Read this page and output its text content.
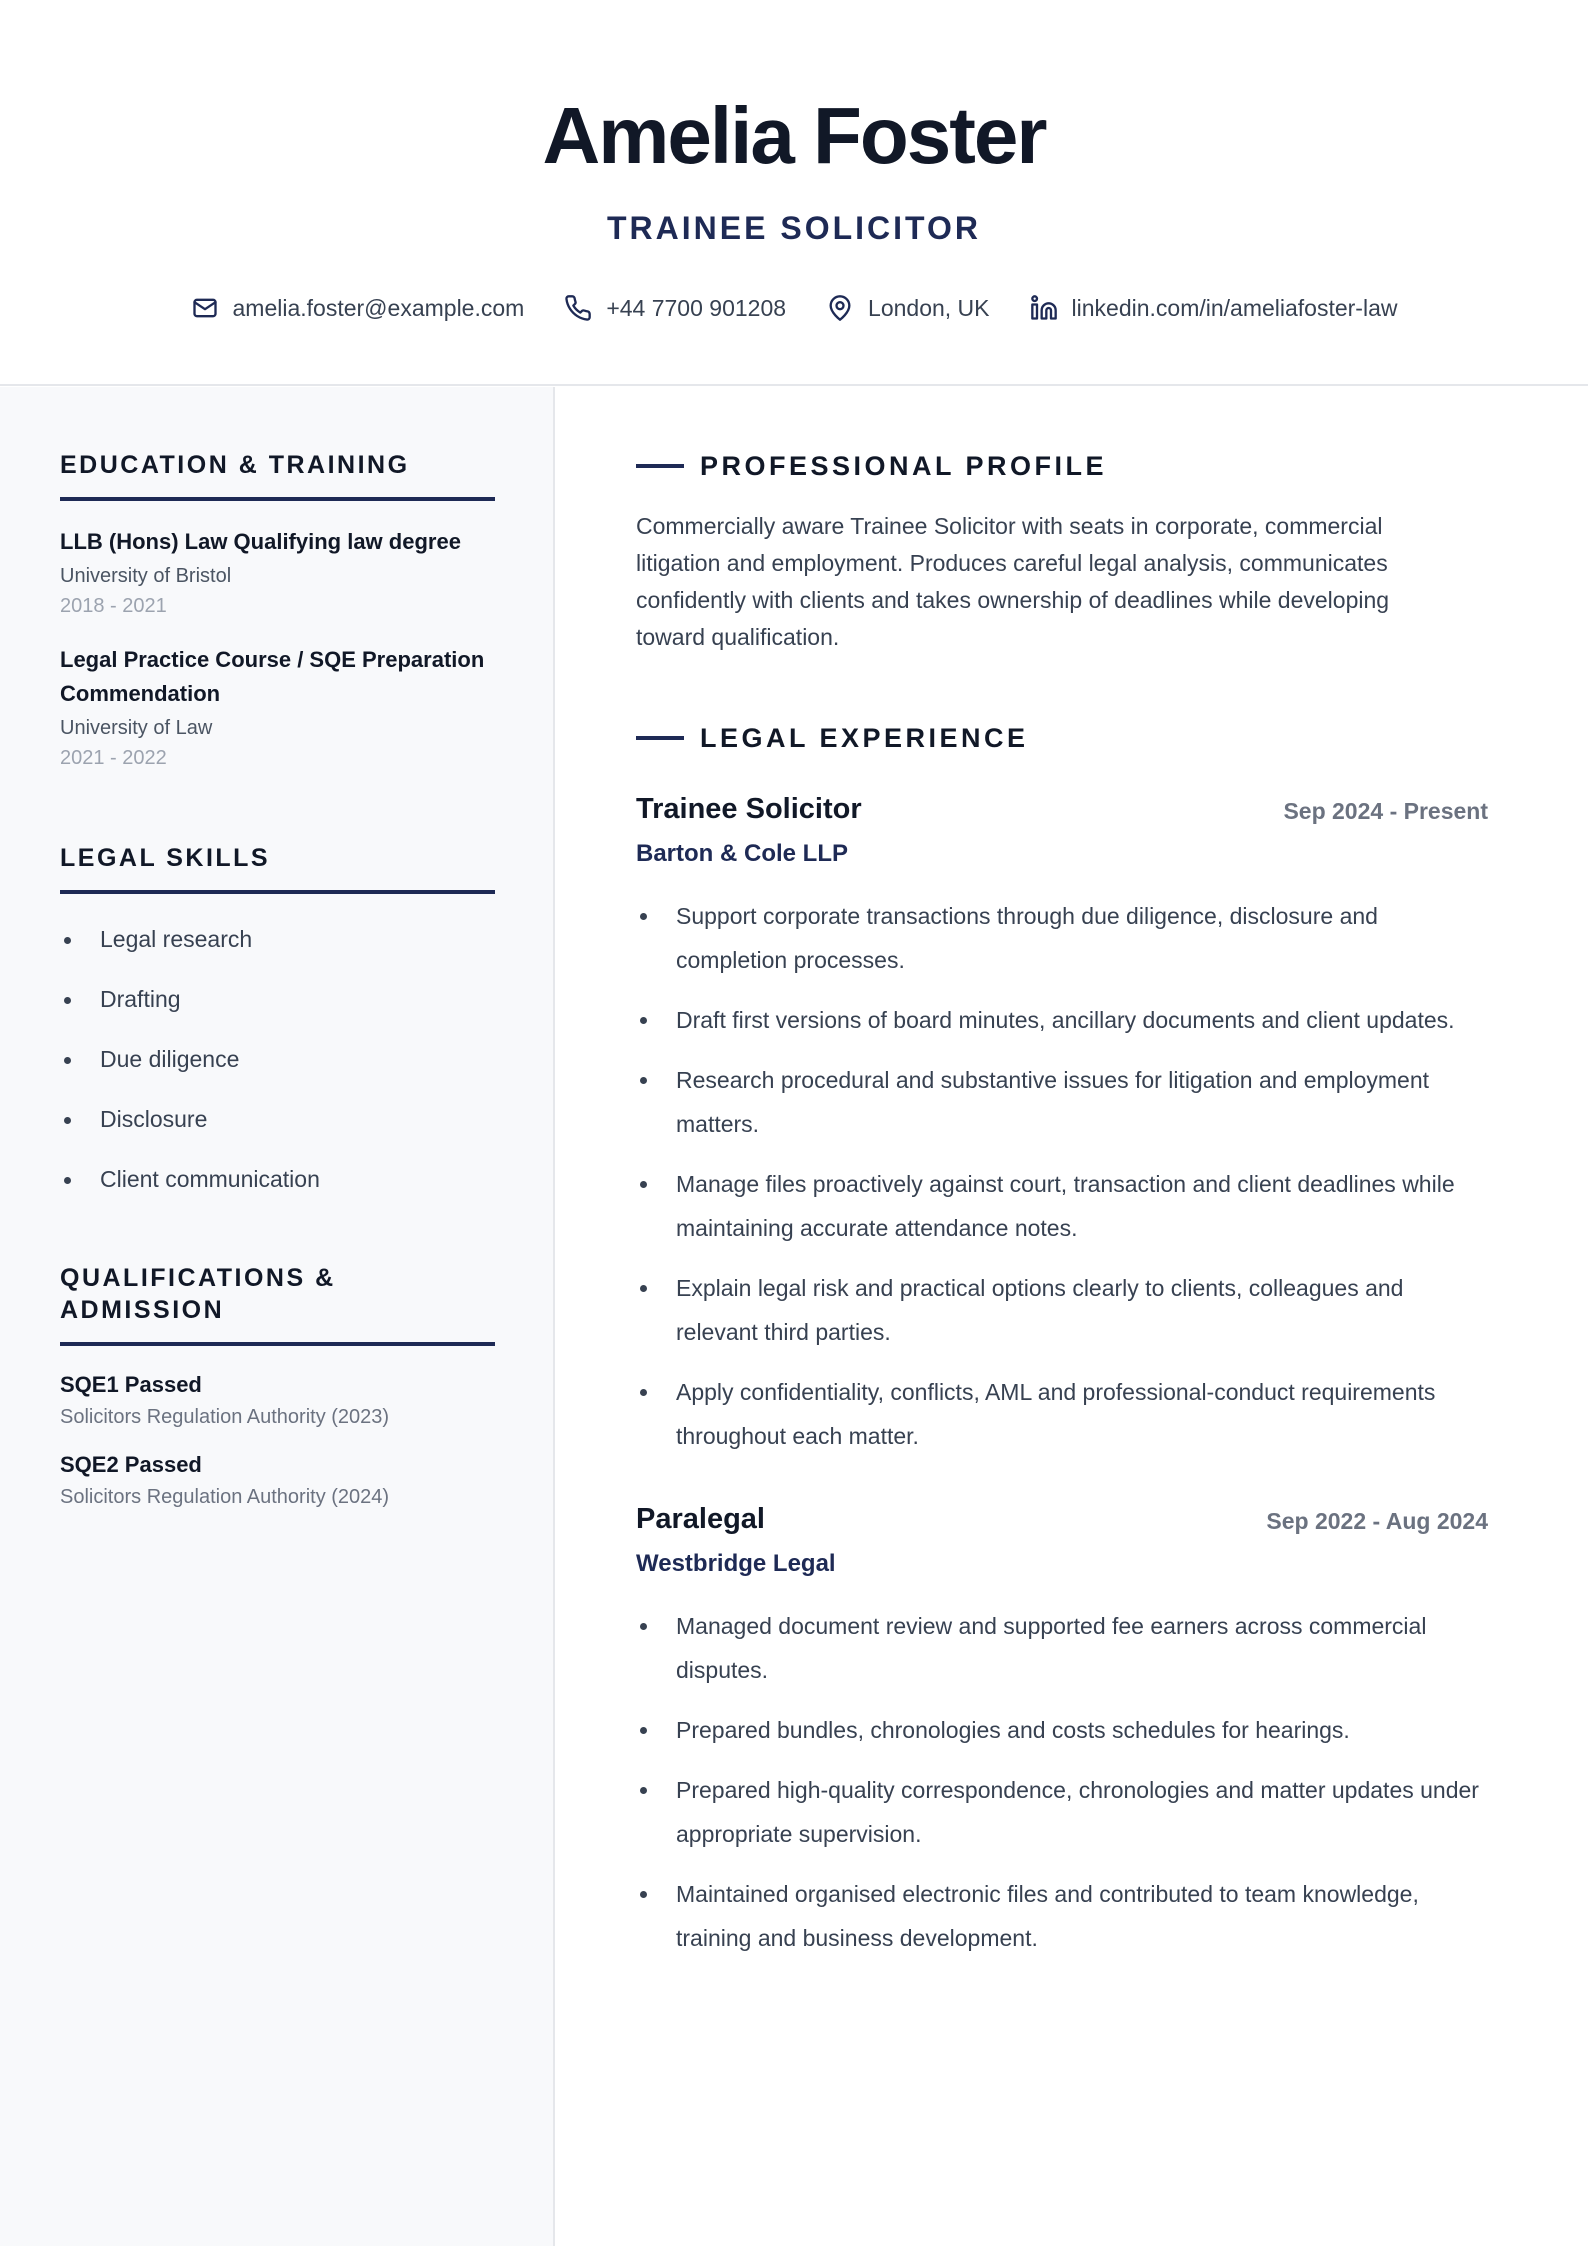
Amelia Foster
TRAINEE SOLICITOR
amelia.foster@example.com	+44 7700 901208	London, UK	linkedin.com/in/ameliafoster-law
EDUCATION & TRAINING
LLB (Hons) Law Qualifying law degree
University of Bristol
2018 - 2021
Legal Practice Course / SQE Preparation Commendation
University of Law
2021 - 2022
LEGAL SKILLS
Legal research
Drafting
Due diligence
Disclosure
Client communication
QUALIFICATIONS & ADMISSION
SQE1 Passed
Solicitors Regulation Authority (2023)
SQE2 Passed
Solicitors Regulation Authority (2024)
PROFESSIONAL PROFILE
Commercially aware Trainee Solicitor with seats in corporate, commercial litigation and employment. Produces careful legal analysis, communicates confidently with clients and takes ownership of deadlines while developing toward qualification.
LEGAL EXPERIENCE
Trainee Solicitor	Sep 2024 - Present
Barton & Cole LLP
Support corporate transactions through due diligence, disclosure and completion processes.
Draft first versions of board minutes, ancillary documents and client updates.
Research procedural and substantive issues for litigation and employment matters.
Manage files proactively against court, transaction and client deadlines while maintaining accurate attendance notes.
Explain legal risk and practical options clearly to clients, colleagues and relevant third parties.
Apply confidentiality, conflicts, AML and professional-conduct requirements throughout each matter.
Paralegal	Sep 2022 - Aug 2024
Westbridge Legal
Managed document review and supported fee earners across commercial disputes.
Prepared bundles, chronologies and costs schedules for hearings.
Prepared high-quality correspondence, chronologies and matter updates under appropriate supervision.
Maintained organised electronic files and contributed to team knowledge, training and business development.
